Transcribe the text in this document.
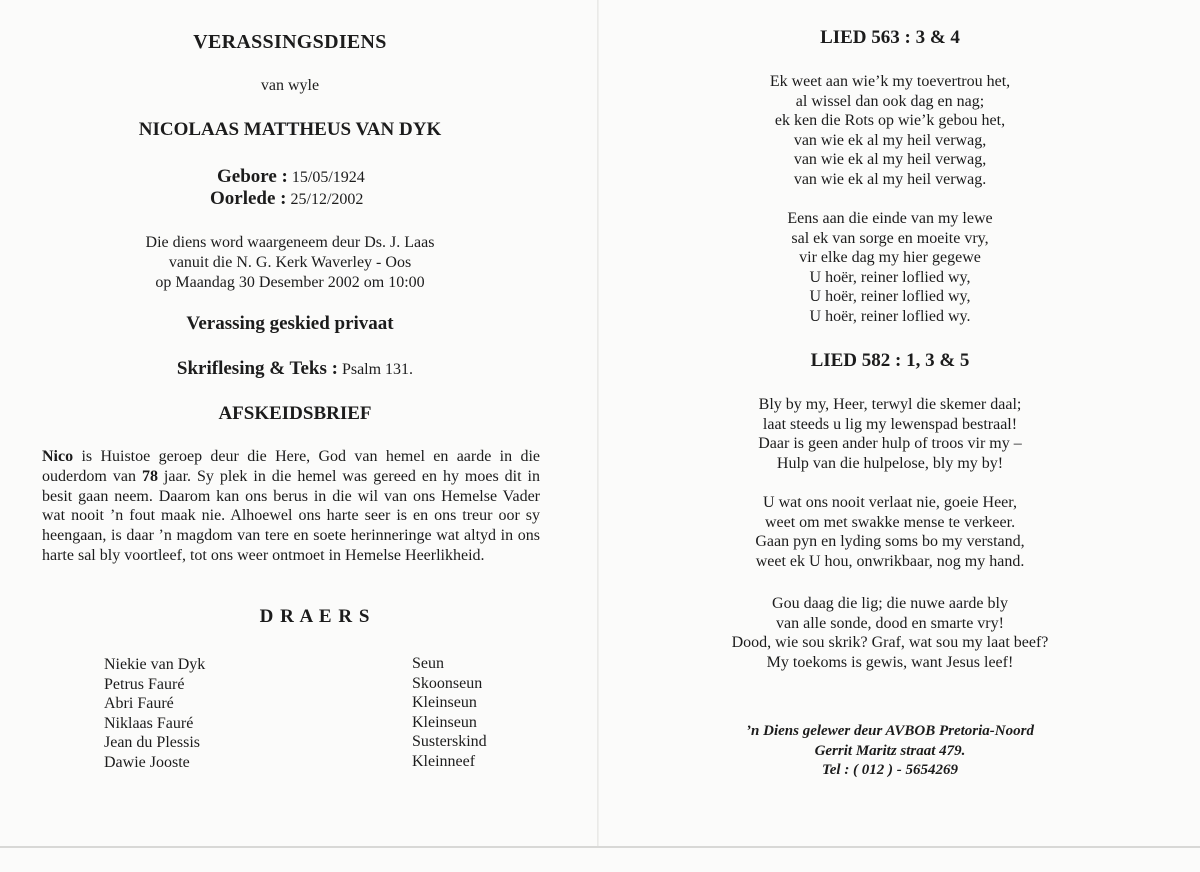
VERASSINGSDIENS
van wyle
NICOLAAS MATTHEUS VAN DYK
Gebore : 15/05/1924
Oorlede : 25/12/2002
Die diens word waargeneem deur Ds. J. Laas
vanuit die N. G. Kerk Waverley - Oos
op Maandag 30 Desember 2002 om 10:00
Verassing geskied privaat
Skriflesing & Teks : Psalm 131.
AFSKEIDSBRIEF
Nico is Huistoe geroep deur die Here, God van hemel en aarde in die ouderdom van 78 jaar. Sy plek in die hemel was gereed en hy moes dit in besit gaan neem. Daarom kan ons berus in die wil van ons Hemelse Vader wat nooit ’n fout maak nie. Alhoewel ons harte seer is en ons treur oor sy heengaan, is daar ’n magdom van tere en soete herinneringe wat altyd in ons harte sal bly voortleef, tot ons weer ontmoet in Hemelse Heerlikheid.
D R A E R S
Niekie van Dyk
Petrus Fauré
Abri Fauré
Niklaas Fauré
Jean du Plessis
Dawie Jooste
Seun
Skoonseun
Kleinseun
Kleinseun
Susterskind
Kleinneef
LIED 563 : 3 & 4
Ek weet aan wie’k my toevertrou het,
al wissel dan ook dag en nag;
ek ken die Rots op wie’k gebou het,
van wie ek al my heil verwag,
van wie ek al my heil verwag,
van wie ek al my heil verwag.
Eens aan die einde van my lewe
sal ek van sorge en moeite vry,
vir elke dag my hier gegewe
U hoër, reiner loflied wy,
U hoër, reiner loflied wy,
U hoër, reiner loflied wy.
LIED 582 : 1, 3 & 5
Bly by my, Heer, terwyl die skemer daal;
laat steeds u lig my lewenspad bestraal!
Daar is geen ander hulp of troos vir my –
Hulp van die hulpelose, bly my by!
U wat ons nooit verlaat nie, goeie Heer,
weet om met swakke mense te verkeer.
Gaan pyn en lyding soms bo my verstand,
weet ek U hou, onwrikbaar, nog my hand.
Gou daag die lig; die nuwe aarde bly
van alle sonde, dood en smarte vry!
Dood, wie sou skrik? Graf, wat sou my laat beef?
My toekoms is gewis, want Jesus leef!
’n Diens gelewer deur AVBOB Pretoria-Noord
Gerrit Maritz straat 479.
Tel : ( 012 ) - 5654269
